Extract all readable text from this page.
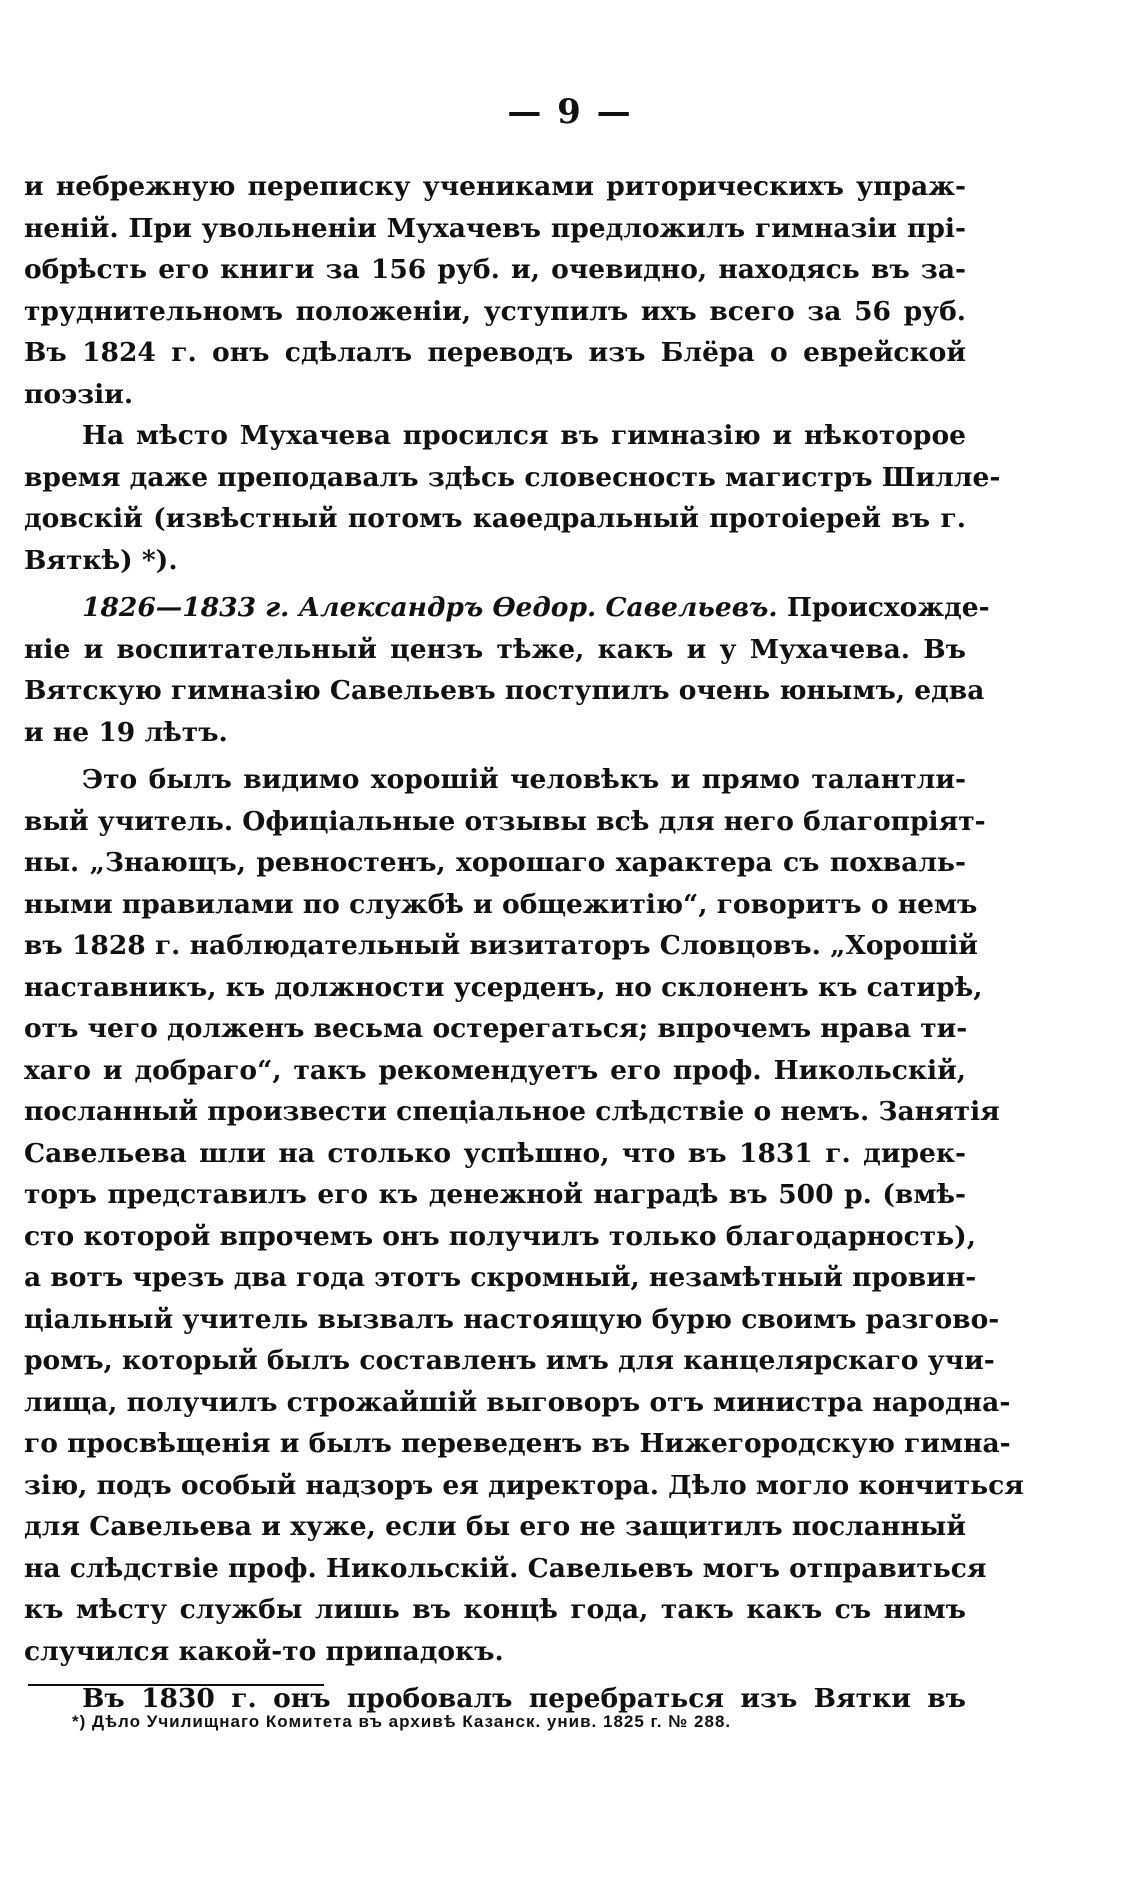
— 9 —
и небрежную переписку учениками риторическихъ упраж-
неній. При увольненіи Мухачевъ предложилъ гимназіи прі-
обрѣсть его книги за 156 руб. и, очевидно, находясь въ за-
труднительномъ положеніи, уступилъ ихъ всего за 56 руб.
Въ 1824 г. онъ сдѣлалъ переводъ изъ Блёра о еврейской
поэзіи.
На мѣсто Мухачева просился въ гимназію и нѣкоторое
время даже преподавалъ здѣсь словесность магистръ Шилле-
довскій (извѣстный потомъ каѳедральный протоіерей въ г.
Вяткѣ) *).
1826—1833 г. Александръ Ѳедор. Савельевъ. Происхожде-
ніе и воспитательный цензъ тѣже, какъ и у Мухачева. Въ
Вятскую гимназію Савельевъ поступилъ очень юнымъ, едва
и не 19 лѣтъ.
Это былъ видимо хорошій человѣкъ и прямо талантли-
вый учитель. Офиціальные отзывы всѣ для него благопріят-
ны. „Знающъ, ревностенъ, хорошаго характера съ похваль-
ными правилами по службѣ и общежитію“, говоритъ о немъ
въ 1828 г. наблюдательный визитаторъ Словцовъ. „Хорошій
наставникъ, къ должности усерденъ, но склоненъ къ сатирѣ,
отъ чего долженъ весьма остерегаться; впрочемъ нрава ти-
хаго и добраго“, такъ рекомендуетъ его проф. Никольскій,
посланный произвести спеціальное слѣдствіе о немъ. Занятія
Савельева шли на столько успѣшно, что въ 1831 г. дирек-
торъ представилъ его къ денежной наградѣ въ 500 р. (вмѣ-
сто которой впрочемъ онъ получилъ только благодарность),
а вотъ чрезъ два года этотъ скромный, незамѣтный провин-
ціальный учитель вызвалъ настоящую бурю своимъ разгово-
ромъ, который былъ составленъ имъ для канцелярскаго учи-
лища, получилъ строжайшій выговоръ отъ министра народна-
го просвѣщенія и былъ переведенъ въ Нижегородскую гимна-
зію, подъ особый надзоръ ея директора. Дѣло могло кончиться
для Савельева и хуже, если бы его не защитилъ посланный
на слѣдствіе проф. Никольскій. Савельевъ могъ отправиться
къ мѣсту службы лишь въ концѣ года, такъ какъ съ нимъ
случился какой-то припадокъ.
Въ 1830 г. онъ пробовалъ перебраться изъ Вятки въ
*) Дѣло Училищнаго Комитета въ архивѣ Казанск. унив. 1825 г. № 288.
